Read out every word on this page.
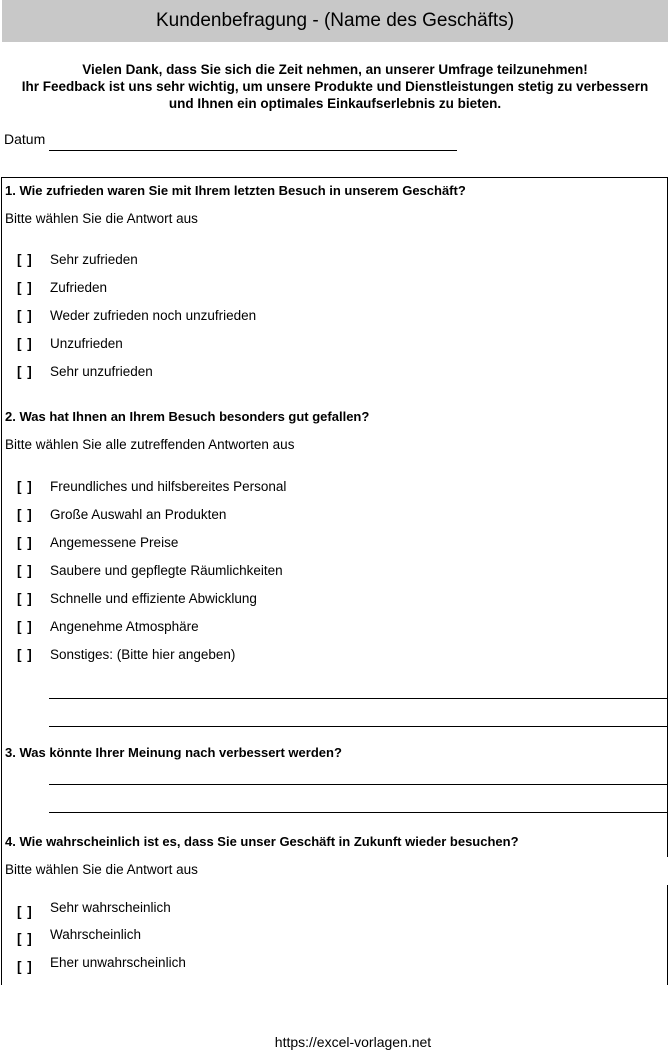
Kundenbefragung - (Name des Geschäfts)
Vielen Dank, dass Sie sich die Zeit nehmen, an unserer Umfrage teilzunehmen!
Ihr Feedback ist uns sehr wichtig, um unsere Produkte und Dienstleistungen stetig zu verbessern
und Ihnen ein optimales Einkaufserlebnis zu bieten.
Datum
1. Wie zufrieden waren Sie mit Ihrem letzten Besuch in unserem Geschäft?
Bitte wählen Sie die Antwort aus
[ ] Sehr zufrieden
[ ] Zufrieden
[ ] Weder zufrieden noch unzufrieden
[ ] Unzufrieden
[ ] Sehr unzufrieden
2. Was hat Ihnen an Ihrem Besuch besonders gut gefallen?
Bitte wählen Sie alle zutreffenden Antworten aus
[ ] Freundliches und hilfsbereites Personal
[ ] Große Auswahl an Produkten
[ ] Angemessene Preise
[ ] Saubere und gepflegte Räumlichkeiten
[ ] Schnelle und effiziente Abwicklung
[ ] Angenehme Atmosphäre
[ ] Sonstiges: (Bitte hier angeben)
3. Was könnte Ihrer Meinung nach verbessert werden?
4. Wie wahrscheinlich ist es, dass Sie unser Geschäft in Zukunft wieder besuchen?
Bitte wählen Sie die Antwort aus
[ ] Sehr wahrscheinlich
[ ] Wahrscheinlich
[ ] Eher unwahrscheinlich
https://excel-vorlagen.net
